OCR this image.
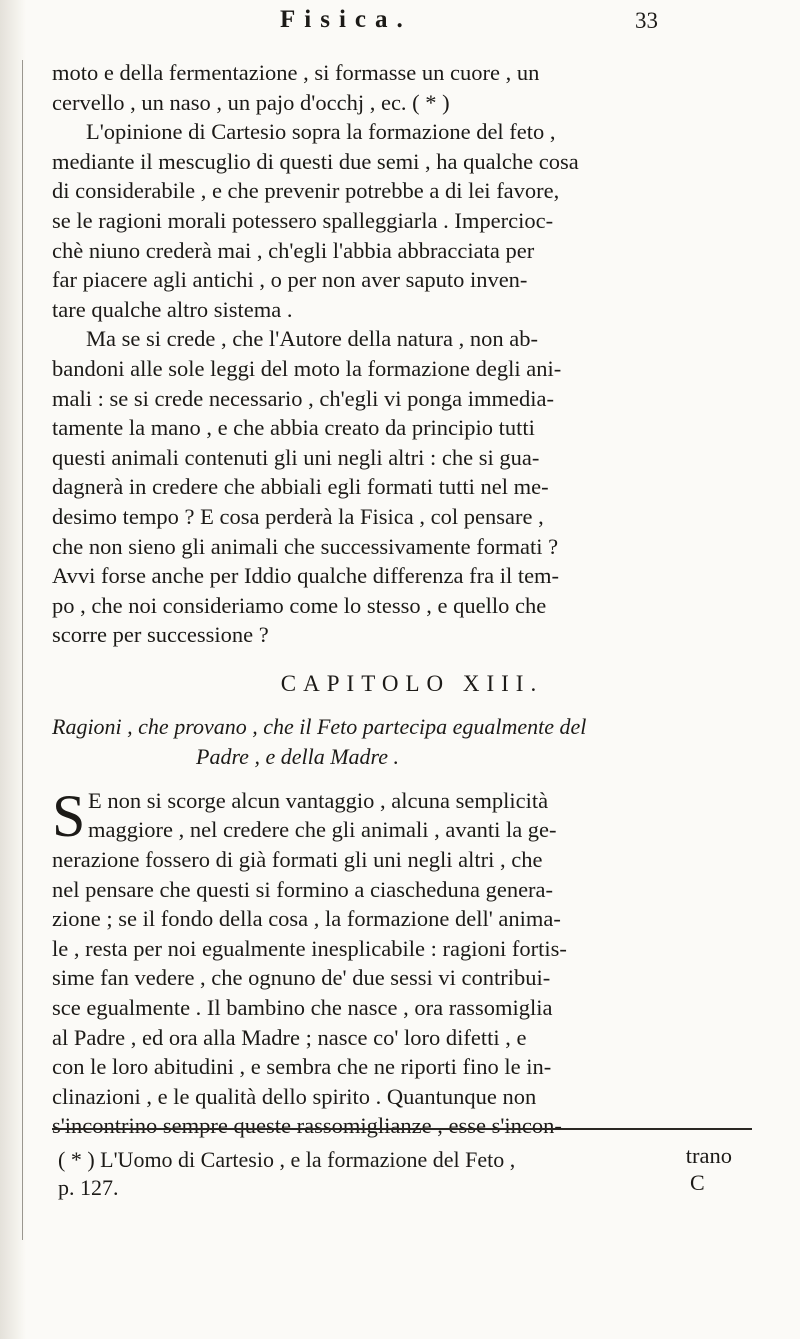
Fisica.	33
moto e della fermentazione , si formasse un cuore , un
cervello , un naso , un pajo d'occhj , ec. ( * )
L'opinione di Cartesio sopra la formazione del feto ,
mediante il mescuglio di questi due semi , ha qualche cosa
di considerabile , e che prevenir potrebbe a di lei favore,
se le ragioni morali potessero spalleggiarla . Impercioc-
chè niuno crederà mai , ch'egli l'abbia abbracciata per
far piacere agli antichi , o per non aver saputo inven-
tare qualche altro sistema .
Ma se si crede , che l'Autore della natura , non ab-
bandoni alle sole leggi del moto la formazione degli ani-
mali : se si crede necessario , ch'egli vi ponga immedia-
tamente la mano , e che abbia creato da principio tutti
questi animali contenuti gli uni negli altri : che si gua-
dagnerà in credere che abbiali egli formati tutti nel me-
desimo tempo ? E cosa perderà la Fisica , col pensare ,
che non sieno gli animali che successivamente formati ?
Avvi forse anche per Iddio qualche differenza fra il tem-
po , che noi consideriamo come lo stesso , e quello che
scorre per successione ?
CAPITOLO XIII.
Ragioni , che provano , che il Feto partecipa egualmente del
Padre , e della Madre .
S E non si scorge alcun vantaggio , alcuna semplicità
maggiore , nel credere che gli animali , avanti la ge-
nerazione fossero di già formati gli uni negli altri , che
nel pensare che questi si formino a ciascheduna genera-
zione ; se il fondo della cosa , la formazione dell' anima-
le , resta per noi egualmente inesplicabile : ragioni fortis-
sime fan vedere , che ognuno de' due sessi vi contribui-
sce egualmente . Il bambino che nasce , ora rassomiglia
al Padre , ed ora alla Madre ; nasce co' loro difetti , e
con le loro abitudini , e sembra che ne riporti fino le in-
clinazioni , e le qualità dello spirito . Quantunque non
s'incontrino sempre queste rassomiglianze , esse s'incon-
trano
( * ) L'Uomo di Cartesio , e la formazione del Feto ,
p. 127.	C
